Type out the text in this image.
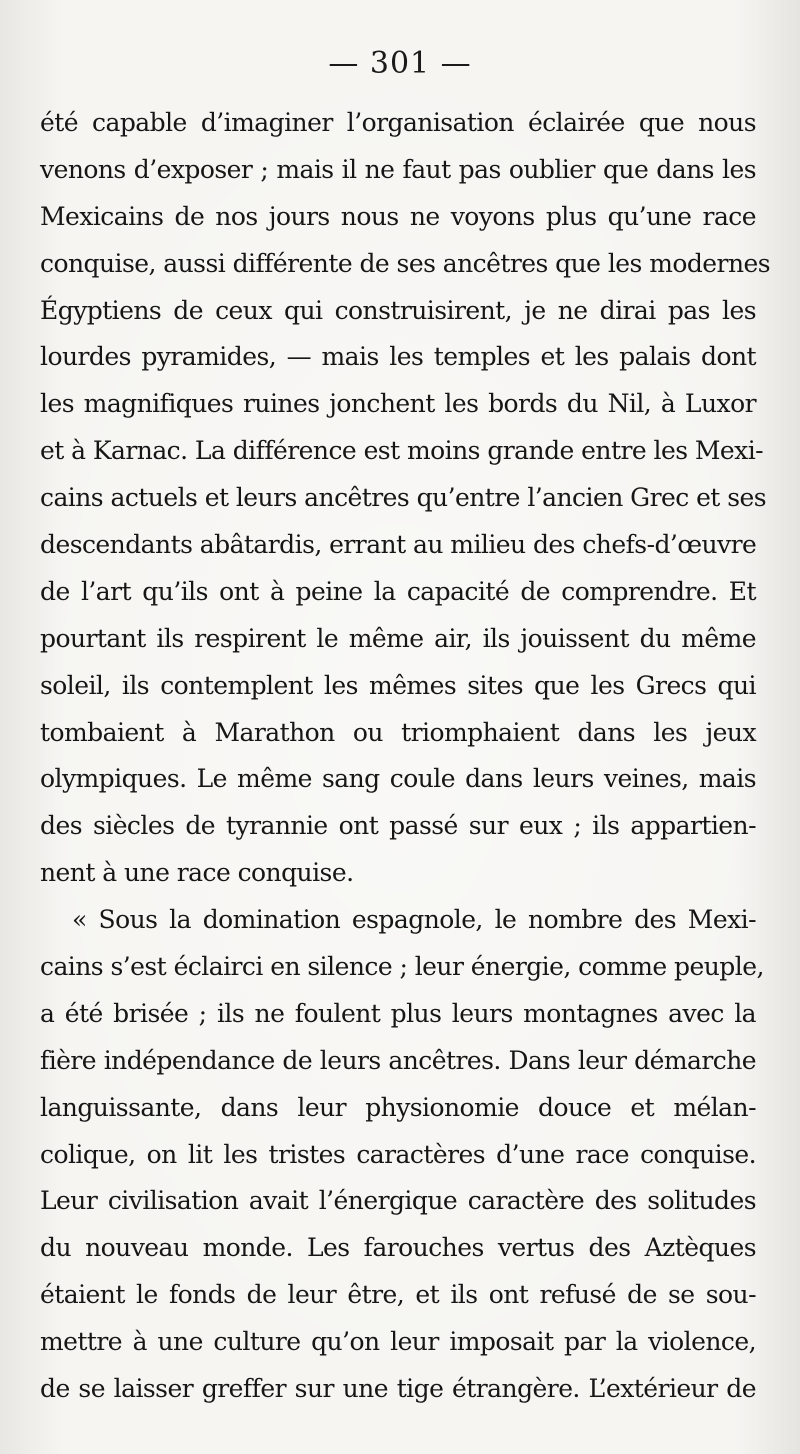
— 301 —
été capable d’imaginer l’organisation éclairée que nous
venons d’exposer ; mais il ne faut pas oublier que dans les
Mexicains de nos jours nous ne voyons plus qu’une race
conquise, aussi différente de ses ancêtres que les modernes
Égyptiens de ceux qui construisirent, je ne dirai pas les
lourdes pyramides, — mais les temples et les palais dont
les magnifiques ruines jonchent les bords du Nil, à Luxor
et à Karnac. La différence est moins grande entre les Mexi-
cains actuels et leurs ancêtres qu’entre l’ancien Grec et ses
descendants abâtardis, errant au milieu des chefs-d’œuvre
de l’art qu’ils ont à peine la capacité de comprendre. Et
pourtant ils respirent le même air, ils jouissent du même
soleil, ils contemplent les mêmes sites que les Grecs qui
tombaient à Marathon ou triomphaient dans les jeux
olympiques. Le même sang coule dans leurs veines, mais
des siècles de tyrannie ont passé sur eux ; ils appartien-
nent à une race conquise.
« Sous la domination espagnole, le nombre des Mexi-
cains s’est éclairci en silence ; leur énergie, comme peuple,
a été brisée ; ils ne foulent plus leurs montagnes avec la
fière indépendance de leurs ancêtres. Dans leur démarche
languissante, dans leur physionomie douce et mélan-
colique, on lit les tristes caractères d’une race conquise.
Leur civilisation avait l’énergique caractère des solitudes
du nouveau monde. Les farouches vertus des Aztèques
étaient le fonds de leur être, et ils ont refusé de se sou-
mettre à une culture qu’on leur imposait par la violence,
de se laisser greffer sur une tige étrangère. L’extérieur de
